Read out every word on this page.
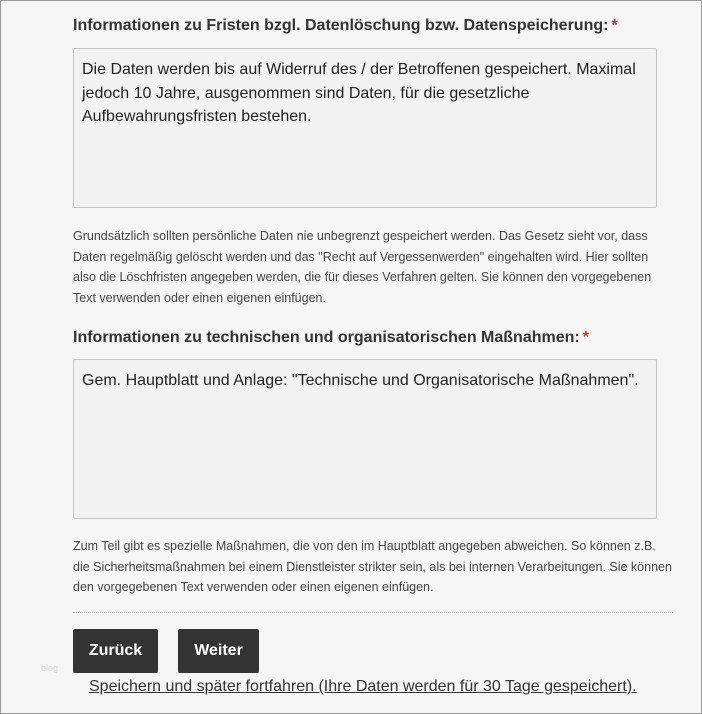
Informationen zu Fristen bzgl. Datenlöschung bzw. Datenspeicherung: *
Die Daten werden bis auf Widerruf des / der Betroffenen gespeichert. Maximal jedoch 10 Jahre, ausgenommen sind Daten, für die gesetzliche Aufbewahrungsfristen bestehen.
Grundsätzlich sollten persönliche Daten nie unbegrenzt gespeichert werden. Das Gesetz sieht vor, dass Daten regelmäßig gelöscht werden und das "Recht auf Vergessenwerden" eingehalten wird. Hier sollten also die Löschfristen angegeben werden, die für dieses Verfahren gelten. Sie können den vorgegebenen Text verwenden oder einen eigenen einfügen.
Informationen zu technischen und organisatorischen Maßnahmen: *
Gem. Hauptblatt und Anlage: "Technische und Organisatorische Maßnahmen".
Zum Teil gibt es spezielle Maßnahmen, die von den im Hauptblatt angegeben abweichen. So können z.B. die Sicherheitsmaßnahmen bei einem Dienstleister strikter sein, als bei internen Verarbeitungen. Sie können den vorgegebenen Text verwenden oder einen eigenen einfügen.
Zurück	Weiter
blog
Speichern und später fortfahren (Ihre Daten werden für 30 Tage gespeichert).
